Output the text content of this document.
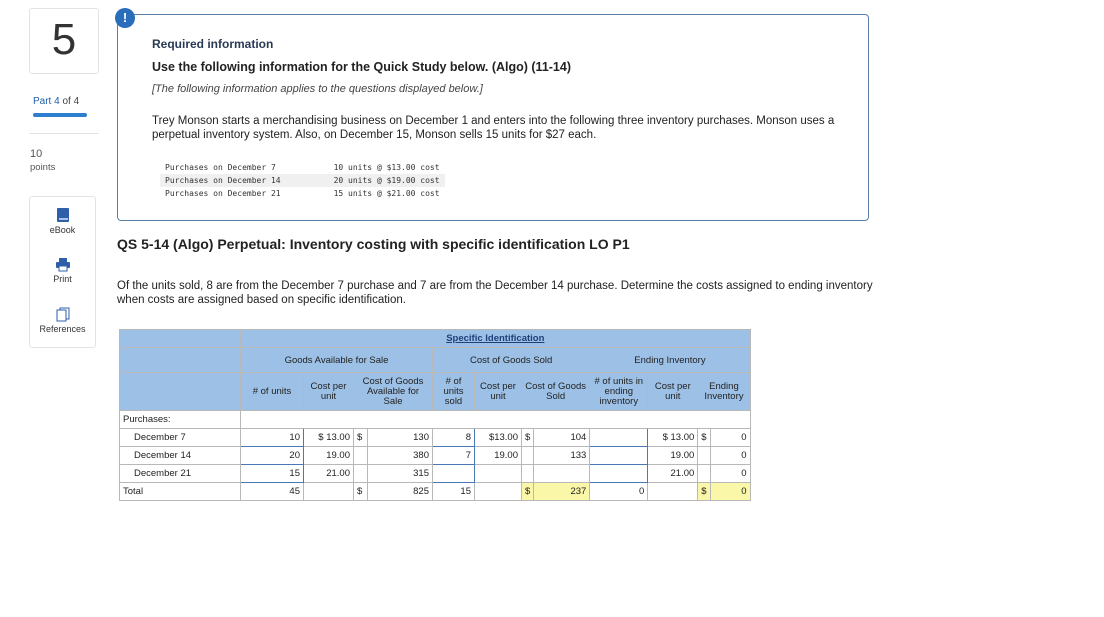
5
Part 4 of 4
10
points
eBook
Print
References
!
Required information
Use the following information for the Quick Study below. (Algo) (11-14)
[The following information applies to the questions displayed below.]
Trey Monson starts a merchandising business on December 1 and enters into the following three inventory purchases. Monson uses a perpetual inventory system. Also, on December 15, Monson sells 15 units for $27 each.
Purchases on December 7	10 units @ $13.00 cost
Purchases on December 14	20 units @ $19.00 cost
Purchases on December 21	15 units @ $21.00 cost
QS 5-14 (Algo) Perpetual: Inventory costing with specific identification LO P1
Of the units sold, 8 are from the December 7 purchase and 7 are from the December 14 purchase. Determine the costs assigned to ending inventory when costs are assigned based on specific identification.
	Specific Identification											
	Goods Available for Sale				Cost of Goods Sold				Ending Inventory			
	# of units	Cost per unit	Cost of Goods Available for Sale		# of units sold	Cost per unit	Cost of Goods Sold		# of units in ending inventory	Cost per unit	Ending Inventory	
Purchases:												
December 7	10	$ 13.00	$	130	8	$13.00	$	104		$ 13.00	$	0
December 14	20	19.00		380	7	19.00		133		19.00		0
December 21	15	21.00		315						21.00		0
Total	45		$	825	15		$	237	0		$	0
